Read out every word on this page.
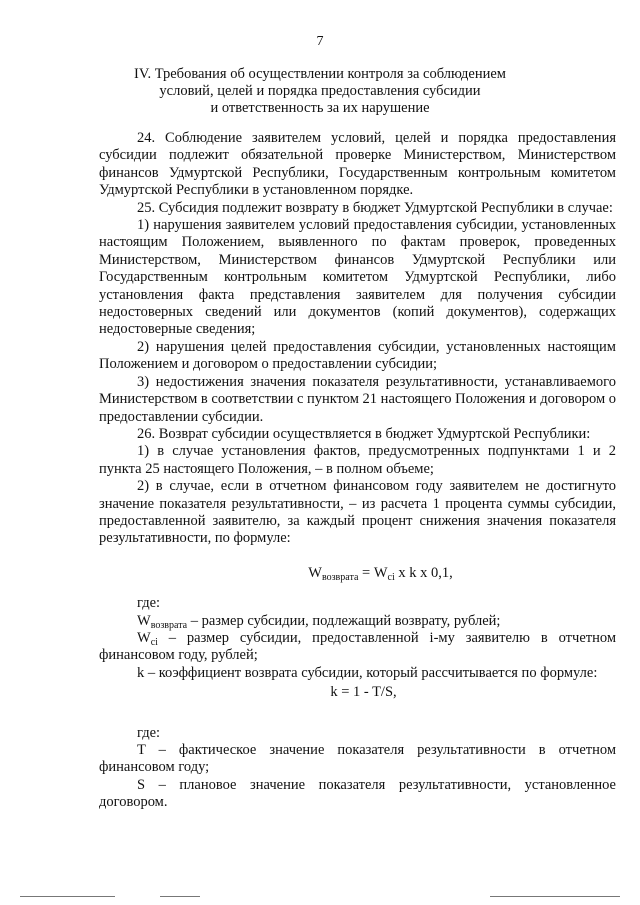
7
IV. Требования об осуществлении контроля за соблюдением
условий, целей и порядка предоставления субсидии
и ответственность за их нарушение

24. Соблюдение заявителем условий, целей и порядка предоставления субсидии подлежит обязательной проверке Министерством, Министерством финансов Удмуртской Республики, Государственным контрольным комитетом Удмуртской Республики в установленном порядке.

25. Субсидия подлежит возврату в бюджет Удмуртской Республики в случае:

1) нарушения заявителем условий предоставления субсидии, установленных настоящим Положением, выявленного по фактам проверок, проведенных Министерством, Министерством финансов Удмуртской Республики или Государственным контрольным комитетом Удмуртской Республики, либо установления факта представления заявителем для получения субсидии недостоверных сведений или документов (копий документов), содержащих недостоверные сведения;

2) нарушения целей предоставления субсидии, установленных настоящим Положением и договором о предоставлении субсидии;

3) недостижения значения показателя результативности, устанавливаемого Министерством в соответствии с пунктом 21 настоящего Положения и договором о предоставлении субсидии.

26. Возврат субсидии осуществляется в бюджет Удмуртской Республики:

1) в случае установления фактов, предусмотренных подпунктами 1 и 2 пункта 25 настоящего Положения, – в полном объеме;

2) в случае, если в отчетном финансовом году заявителем не достигнуто значение показателя результативности, – из расчета 1 процента суммы субсидии, предоставленной заявителю, за каждый процент снижения значения показателя результативности, по формуле:

$W_{возврата} = W_{ci}$ x k x 0,1,

где:

$W_{возврата}$ – размер субсидии, подлежащий возврату, рублей;

$W_{ci}$ – размер субсидии, предоставленной i-му заявителю в отчетном финансовом году, рублей;

k – коэффициент возврата субсидии, который рассчитывается по формуле:

k = 1 - T/S,

где:

T – фактическое значение показателя результативности в отчетном финансовом году;

S – плановое значение показателя результативности, установленное договором.
